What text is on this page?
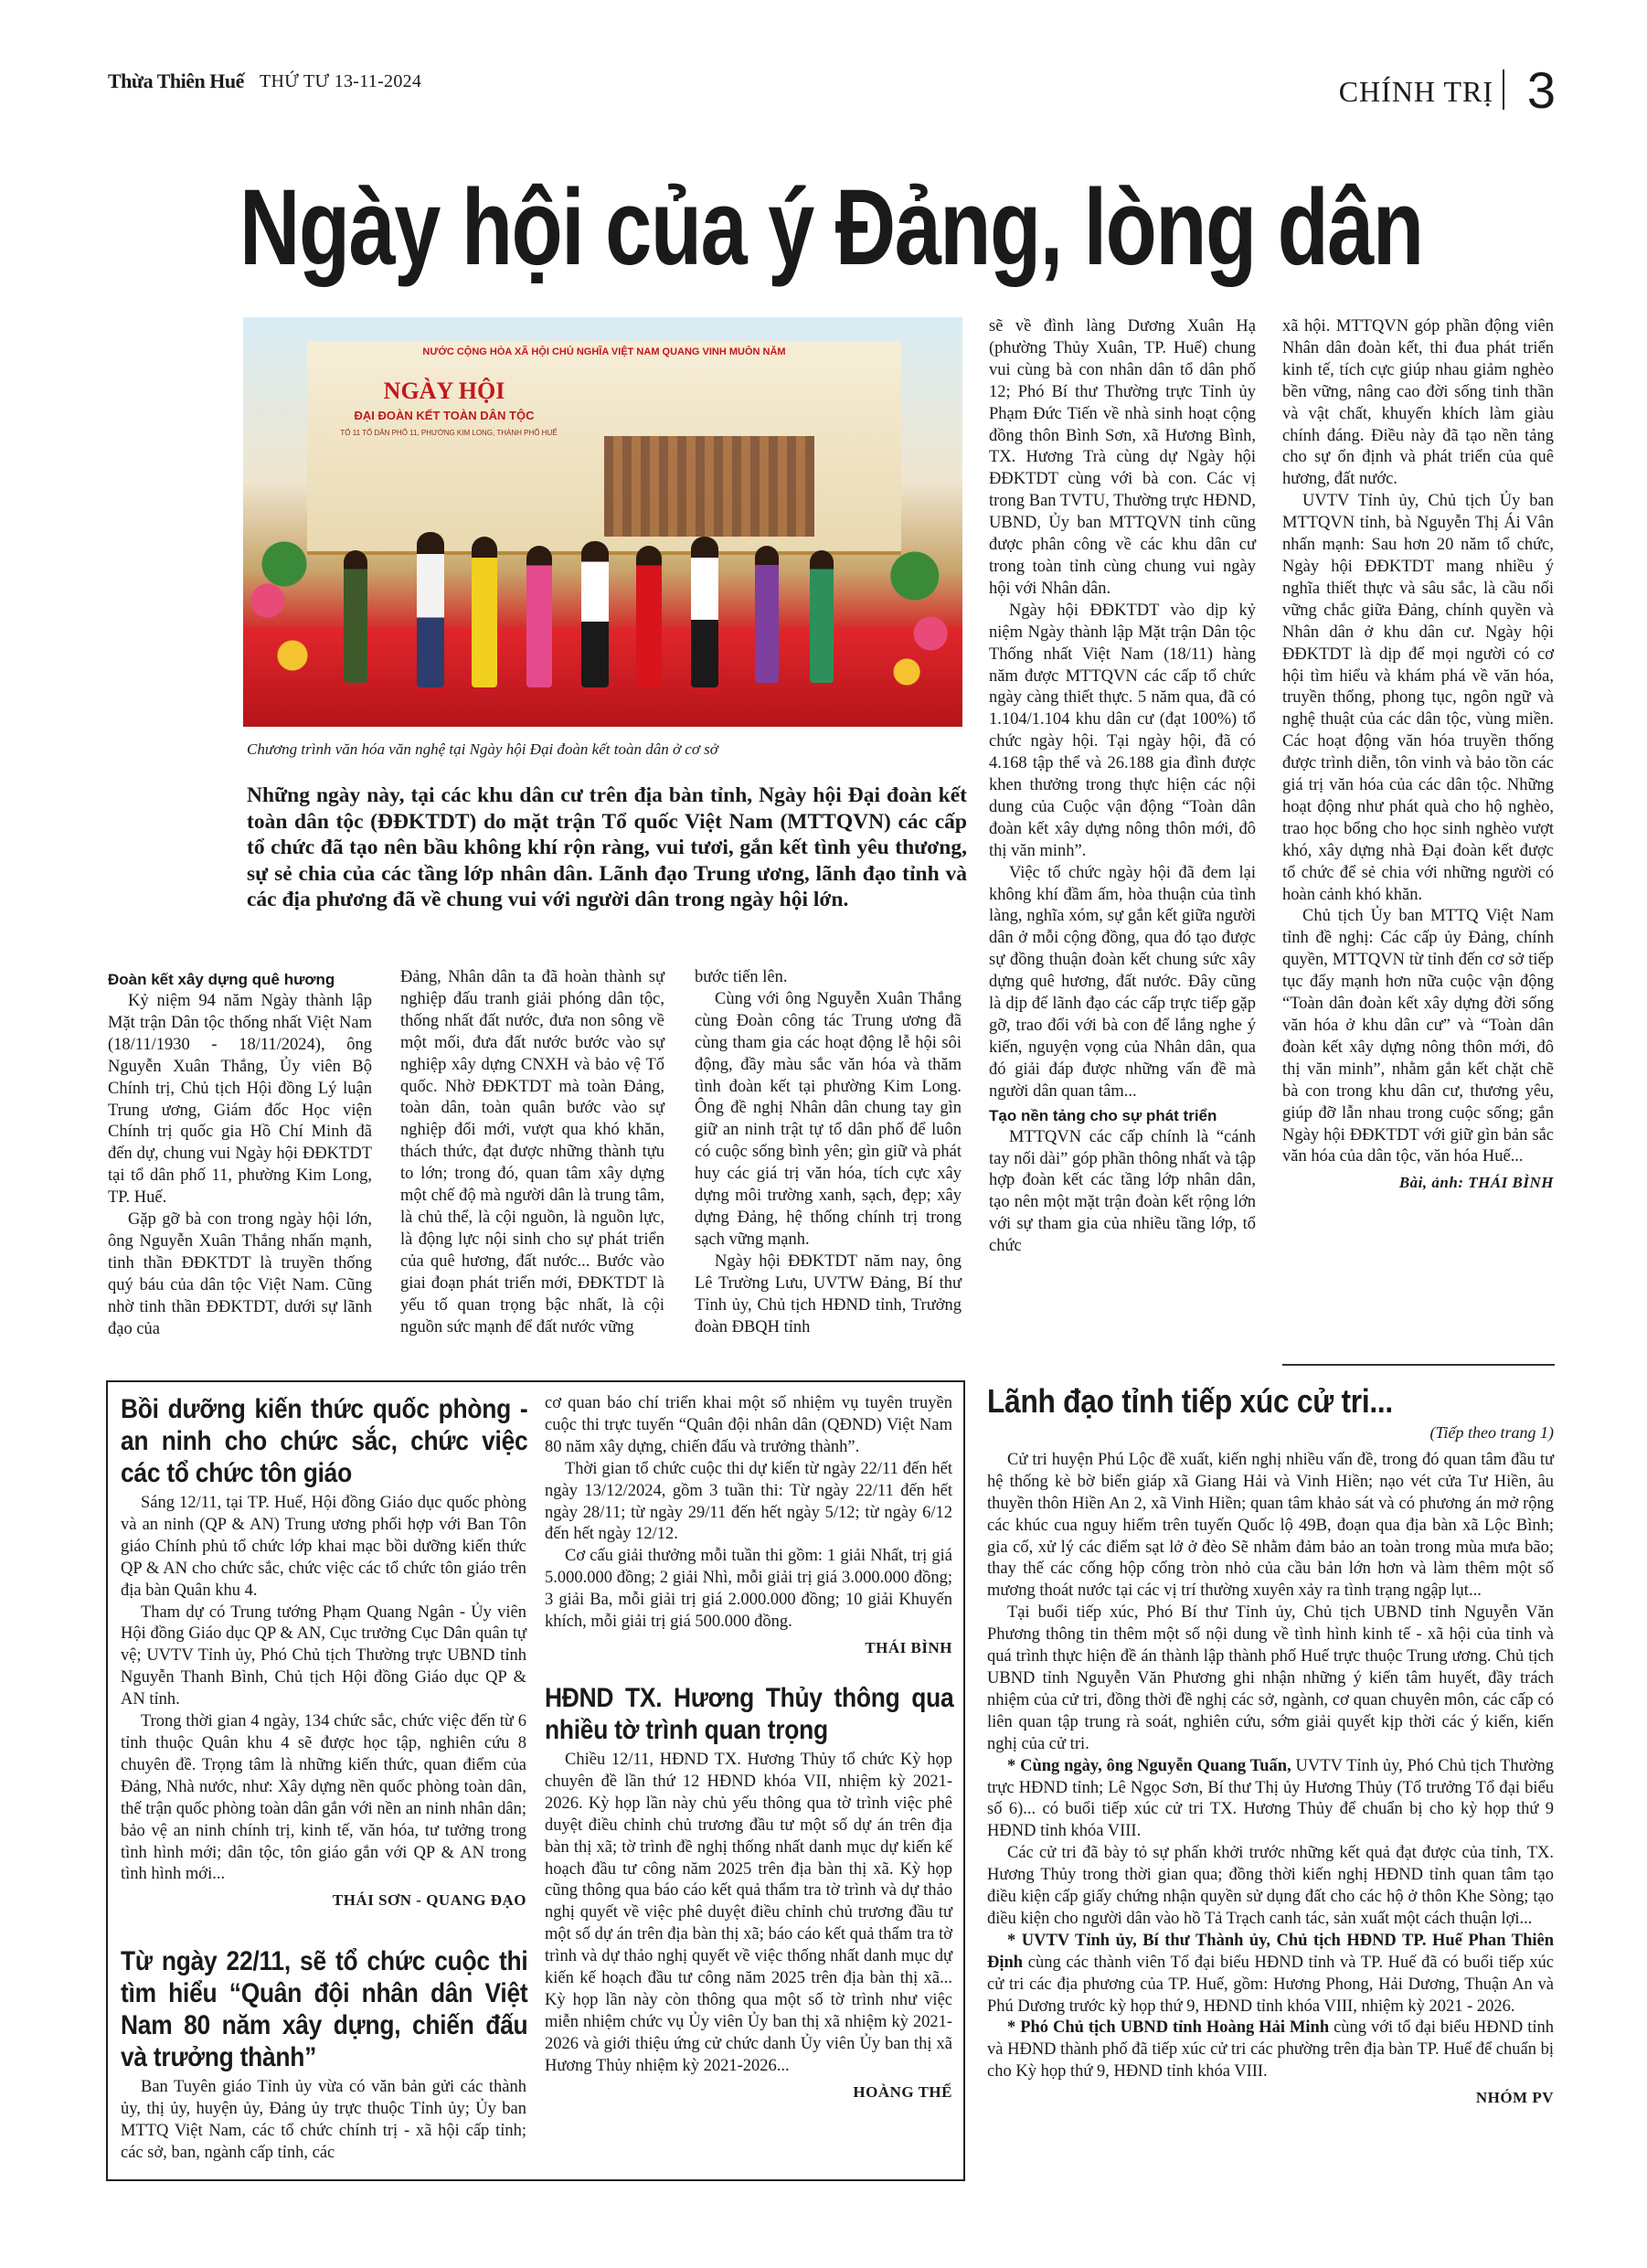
Thừa Thiên Huế THỨ TƯ 13-11-2024	CHÍNH TRỊ 3
Ngày hội của ý Đảng, lòng dân
NƯỚC CỘNG HÒA XÃ HỘI CHỦ NGHĨA VIỆT NAM QUANG VINH MUÔN NĂM
NGÀY HỘI
ĐẠI ĐOÀN KẾT TOÀN DÂN TỘC
TỔ 11 TỔ DÂN PHỐ 11, PHƯỜNG KIM LONG, THÀNH PHỐ HUẾ
Chương trình văn hóa văn nghệ tại Ngày hội Đại đoàn kết toàn dân ở cơ sở
Những ngày này, tại các khu dân cư trên địa bàn tỉnh, Ngày hội Đại đoàn kết toàn dân tộc (ĐĐKTDT) do mặt trận Tổ quốc Việt Nam (MTTQVN) các cấp tổ chức đã tạo nên bầu không khí rộn ràng, vui tươi, gắn kết tình yêu thương, sự sẻ chia của các tầng lớp nhân dân. Lãnh đạo Trung ương, lãnh đạo tỉnh và các địa phương đã về chung vui với người dân trong ngày hội lớn.
Đoàn kết xây dựng quê hương

Kỷ niệm 94 năm Ngày thành lập Mặt trận Dân tộc thống nhất Việt Nam (18/11/1930 - 18/11/2024), ông Nguyễn Xuân Thắng, Ủy viên Bộ Chính trị, Chủ tịch Hội đồng Lý luận Trung ương, Giám đốc Học viện Chính trị quốc gia Hồ Chí Minh đã đến dự, chung vui Ngày hội ĐĐKTDT tại tổ dân phố 11, phường Kim Long, TP. Huế.

Gặp gỡ bà con trong ngày hội lớn, ông Nguyễn Xuân Thắng nhấn mạnh, tinh thần ĐĐKTDT là truyền thống quý báu của dân tộc Việt Nam. Cũng nhờ tinh thần ĐĐKTDT, dưới sự lãnh đạo của

Đảng, Nhân dân ta đã hoàn thành sự nghiệp đấu tranh giải phóng dân tộc, thống nhất đất nước, đưa non sông về một mối, đưa đất nước bước vào sự nghiệp xây dựng CNXH và bảo vệ Tổ quốc. Nhờ ĐĐKTDT mà toàn Đảng, toàn dân, toàn quân bước vào sự nghiệp đổi mới, vượt qua khó khăn, thách thức, đạt được những thành tựu to lớn; trong đó, quan tâm xây dựng một chế độ mà người dân là trung tâm, là chủ thể, là cội nguồn, là nguồn lực, là động lực nội sinh cho sự phát triển của quê hương, đất nước... Bước vào giai đoạn phát triển mới, ĐĐKTDT là yếu tố quan trọng bậc nhất, là cội nguồn sức mạnh để đất nước vững

bước tiến lên.

Cùng với ông Nguyễn Xuân Thắng cùng Đoàn công tác Trung ương đã cùng tham gia các hoạt động lễ hội sôi động, đầy màu sắc văn hóa và thăm tình đoàn kết tại phường Kim Long. Ông đề nghị Nhân dân chung tay gìn giữ an ninh trật tự tổ dân phố để luôn có cuộc sống bình yên; gìn giữ và phát huy các giá trị văn hóa, tích cực xây dựng môi trường xanh, sạch, đẹp; xây dựng Đảng, hệ thống chính trị trong sạch vững mạnh.

Ngày hội ĐĐKTDT năm nay, ông Lê Trường Lưu, UVTW Đảng, Bí thư Tỉnh ủy, Chủ tịch HĐND tỉnh, Trưởng đoàn ĐBQH tỉnh

sẽ về đình làng Dương Xuân Hạ (phường Thủy Xuân, TP. Huế) chung vui cùng bà con nhân dân tổ dân phố 12; Phó Bí thư Thường trực Tỉnh ủy Phạm Đức Tiến về nhà sinh hoạt cộng đồng thôn Bình Sơn, xã Hương Bình, TX. Hương Trà cùng dự Ngày hội ĐĐKTDT cùng với bà con. Các vị trong Ban TVTU, Thường trực HĐND, UBND, Ủy ban MTTQVN tỉnh cũng được phân công về các khu dân cư trong toàn tỉnh cùng chung vui ngày hội với Nhân dân.

Ngày hội ĐĐKTDT vào dịp kỷ niệm Ngày thành lập Mặt trận Dân tộc Thống nhất Việt Nam (18/11) hàng năm được MTTQVN các cấp tổ chức ngày càng thiết thực. 5 năm qua, đã có 1.104/1.104 khu dân cư (đạt 100%) tổ chức ngày hội. Tại ngày hội, đã có 4.168 tập thể và 26.188 gia đình được khen thưởng trong thực hiện các nội dung của Cuộc vận động “Toàn dân đoàn kết xây dựng nông thôn mới, đô thị văn minh”.

Việc tổ chức ngày hội đã đem lại không khí đầm ấm, hòa thuận của tình làng, nghĩa xóm, sự gắn kết giữa người dân ở mỗi cộng đồng, qua đó tạo được sự đồng thuận đoàn kết chung sức xây dựng quê hương, đất nước. Đây cũng là dịp để lãnh đạo các cấp trực tiếp gặp gỡ, trao đổi với bà con để lắng nghe ý kiến, nguyện vọng của Nhân dân, qua đó giải đáp được những vấn đề mà người dân quan tâm...

Tạo nền tảng cho sự phát triển

MTTQVN các cấp chính là “cánh tay nối dài” góp phần thông nhất và tập hợp đoàn kết các tầng lớp nhân dân, tạo nên một mặt trận đoàn kết rộng lớn với sự tham gia của nhiều tầng lớp, tổ chức

xã hội. MTTQVN góp phần động viên Nhân dân đoàn kết, thi đua phát triển kinh tế, tích cực giúp nhau giảm nghèo bền vững, nâng cao đời sống tinh thần và vật chất, khuyến khích làm giàu chính đáng. Điều này đã tạo nền tảng cho sự ổn định và phát triển của quê hương, đất nước.

UVTV Tỉnh ủy, Chủ tịch Ủy ban MTTQVN tỉnh, bà Nguyễn Thị Ái Vân nhấn mạnh: Sau hơn 20 năm tổ chức, Ngày hội ĐĐKTDT mang nhiều ý nghĩa thiết thực và sâu sắc, là cầu nối vững chắc giữa Đảng, chính quyền và Nhân dân ở khu dân cư. Ngày hội ĐĐKTDT là dịp để mọi người có cơ hội tìm hiểu và khám phá về văn hóa, truyền thống, phong tục, ngôn ngữ và nghệ thuật của các dân tộc, vùng miền. Các hoạt động văn hóa truyền thống được trình diễn, tôn vinh và bảo tồn các giá trị văn hóa của các dân tộc. Những hoạt động như phát quà cho hộ nghèo, trao học bổng cho học sinh nghèo vượt khó, xây dựng nhà Đại đoàn kết được tổ chức để sẻ chia với những người có hoàn cảnh khó khăn.

Chủ tịch Ủy ban MTTQ Việt Nam tỉnh đề nghị: Các cấp ủy Đảng, chính quyền, MTTQVN từ tỉnh đến cơ sở tiếp tục đẩy mạnh hơn nữa cuộc vận động “Toàn dân đoàn kết xây dựng đời sống văn hóa ở khu dân cư” và “Toàn dân đoàn kết xây dựng nông thôn mới, đô thị văn minh”, nhằm gắn kết chặt chẽ bà con trong khu dân cư, thương yêu, giúp đỡ lẫn nhau trong cuộc sống; gắn Ngày hội ĐĐKTDT với giữ gìn bản sắc văn hóa của dân tộc, văn hóa Huế...

Bài, ảnh: THÁI BÌNH
Bồi dưỡng kiến thức quốc phòng - an ninh cho chức sắc, chức việc các tổ chức tôn giáo

Sáng 12/11, tại TP. Huế, Hội đồng Giáo dục quốc phòng và an ninh (QP & AN) Trung ương phối hợp với Ban Tôn giáo Chính phủ tổ chức lớp khai mạc bồi dưỡng kiến thức QP & AN cho chức sắc, chức việc các tổ chức tôn giáo trên địa bàn Quân khu 4.

Tham dự có Trung tướng Phạm Quang Ngân - Ủy viên Hội đồng Giáo dục QP & AN, Cục trưởng Cục Dân quân tự vệ; UVTV Tỉnh ủy, Phó Chủ tịch Thường trực UBND tỉnh Nguyễn Thanh Bình, Chủ tịch Hội đồng Giáo dục QP & AN tỉnh.

Trong thời gian 4 ngày, 134 chức sắc, chức việc đến từ 6 tỉnh thuộc Quân khu 4 sẽ được học tập, nghiên cứu 8 chuyên đề. Trọng tâm là những kiến thức, quan điểm của Đảng, Nhà nước, như: Xây dựng nền quốc phòng toàn dân, thế trận quốc phòng toàn dân gắn với nền an ninh nhân dân; bảo vệ an ninh chính trị, kinh tế, văn hóa, tư tưởng trong tình hình mới; dân tộc, tôn giáo gắn với QP & AN trong tình hình mới...

THÁI SƠN - QUANG ĐẠO
Từ ngày 22/11, sẽ tổ chức cuộc thi tìm hiểu “Quân đội nhân dân Việt Nam 80 năm xây dựng, chiến đấu và trưởng thành”

Ban Tuyên giáo Tỉnh ủy vừa có văn bản gửi các thành ủy, thị ủy, huyện ủy, Đảng ủy trực thuộc Tỉnh ủy; Ủy ban MTTQ Việt Nam, các tổ chức chính trị - xã hội cấp tỉnh; các sở, ban, ngành cấp tỉnh, các

cơ quan báo chí triển khai một số nhiệm vụ tuyên truyền cuộc thi trực tuyến “Quân đội nhân dân (QĐND) Việt Nam 80 năm xây dựng, chiến đấu và trưởng thành”.

Thời gian tổ chức cuộc thi dự kiến từ ngày 22/11 đến hết ngày 13/12/2024, gồm 3 tuần thi: Từ ngày 22/11 đến hết ngày 28/11; từ ngày 29/11 đến hết ngày 5/12; từ ngày 6/12 đến hết ngày 12/12.

Cơ cấu giải thưởng mỗi tuần thi gồm: 1 giải Nhất, trị giá 5.000.000 đồng; 2 giải Nhì, mỗi giải trị giá 3.000.000 đồng; 3 giải Ba, mỗi giải trị giá 2.000.000 đồng; 10 giải Khuyến khích, mỗi giải trị giá 500.000 đồng.

THÁI BÌNH
HĐND TX. Hương Thủy thông qua nhiều tờ trình quan trọng

Chiều 12/11, HĐND TX. Hương Thủy tổ chức Kỳ họp chuyên đề lần thứ 12 HĐND khóa VII, nhiệm kỳ 2021-2026. Kỳ họp lần này chủ yếu thông qua tờ trình việc phê duyệt điều chỉnh chủ trương đầu tư một số dự án trên địa bàn thị xã; tờ trình đề nghị thống nhất danh mục dự kiến kế hoạch đầu tư công năm 2025 trên địa bàn thị xã. Kỳ họp cũng thông qua báo cáo kết quả thẩm tra tờ trình và dự thảo nghị quyết về việc phê duyệt điều chỉnh chủ trương đầu tư một số dự án trên địa bàn thị xã; báo cáo kết quả thẩm tra tờ trình và dự thảo nghị quyết về việc thống nhất danh mục dự kiến kế hoạch đầu tư công năm 2025 trên địa bàn thị xã... Kỳ họp lần này còn thông qua một số tờ trình như việc miễn nhiệm chức vụ Ủy viên Ủy ban thị xã nhiệm kỳ 2021-2026 và giới thiệu ứng cử chức danh Ủy viên Ủy ban thị xã Hương Thủy nhiệm kỳ 2021-2026...

HOÀNG THẾ
Lãnh đạo tỉnh tiếp xúc cử tri...
(Tiếp theo trang 1)

Cử tri huyện Phú Lộc đề xuất, kiến nghị nhiều vấn đề, trong đó quan tâm đầu tư hệ thống kè bờ biển giáp xã Giang Hải và Vinh Hiền; nạo vét cửa Tư Hiền, âu thuyền thôn Hiền An 2, xã Vinh Hiền; quan tâm khảo sát và có phương án mở rộng các khúc cua nguy hiểm trên tuyến Quốc lộ 49B, đoạn qua địa bàn xã Lộc Bình; gia cố, xử lý các điểm sạt lở ở đèo Sẽ nhằm đảm bảo an toàn trong mùa mưa bão; thay thế các cống hộp cống tròn nhỏ của cầu bản lớn hơn và làm thêm một số mương thoát nước tại các vị trí thường xuyên xảy ra tình trạng ngập lụt...

Tại buổi tiếp xúc, Phó Bí thư Tỉnh ủy, Chủ tịch UBND tỉnh Nguyễn Văn Phương thông tin thêm một số nội dung về tình hình kinh tế - xã hội của tỉnh và quá trình thực hiện đề án thành lập thành phố Huế trực thuộc Trung ương. Chủ tịch UBND tỉnh Nguyễn Văn Phương ghi nhận những ý kiến tâm huyết, đầy trách nhiệm của cử tri, đồng thời đề nghị các sở, ngành, cơ quan chuyên môn, các cấp có liên quan tập trung rà soát, nghiên cứu, sớm giải quyết kịp thời các ý kiến, kiến nghị của cử tri.

* Cùng ngày, ông Nguyễn Quang Tuấn, UVTV Tỉnh ủy, Phó Chủ tịch Thường trực HĐND tỉnh; Lê Ngọc Sơn, Bí thư Thị ủy Hương Thủy (Tổ trưởng Tổ đại biểu số 6)... có buổi tiếp xúc cử tri TX. Hương Thủy để chuẩn bị cho kỳ họp thứ 9 HĐND tỉnh khóa VIII.

Các cử tri đã bày tỏ sự phấn khởi trước những kết quả đạt được của tỉnh, TX. Hương Thủy trong thời gian qua; đồng thời kiến nghị HĐND tỉnh quan tâm tạo điều kiện cấp giấy chứng nhận quyền sử dụng đất cho các hộ ở thôn Khe Sòng; tạo điều kiện cho người dân vào hồ Tả Trạch canh tác, sản xuất một cách thuận lợi...

* UVTV Tỉnh ủy, Bí thư Thành ủy, Chủ tịch HĐND TP. Huế Phan Thiên Định cùng các thành viên Tổ đại biểu HĐND tỉnh và TP. Huế đã có buổi tiếp xúc cử tri các địa phương của TP. Huế, gồm: Hương Phong, Hải Dương, Thuận An và Phú Dương trước kỳ họp thứ 9, HĐND tỉnh khóa VIII, nhiệm kỳ 2021 - 2026.

* Phó Chủ tịch UBND tỉnh Hoàng Hải Minh cùng với tổ đại biểu HĐND tỉnh và HĐND thành phố đã tiếp xúc cử tri các phường trên địa bàn TP. Huế để chuẩn bị cho Kỳ họp thứ 9, HĐND tỉnh khóa VIII.

NHÓM PV
